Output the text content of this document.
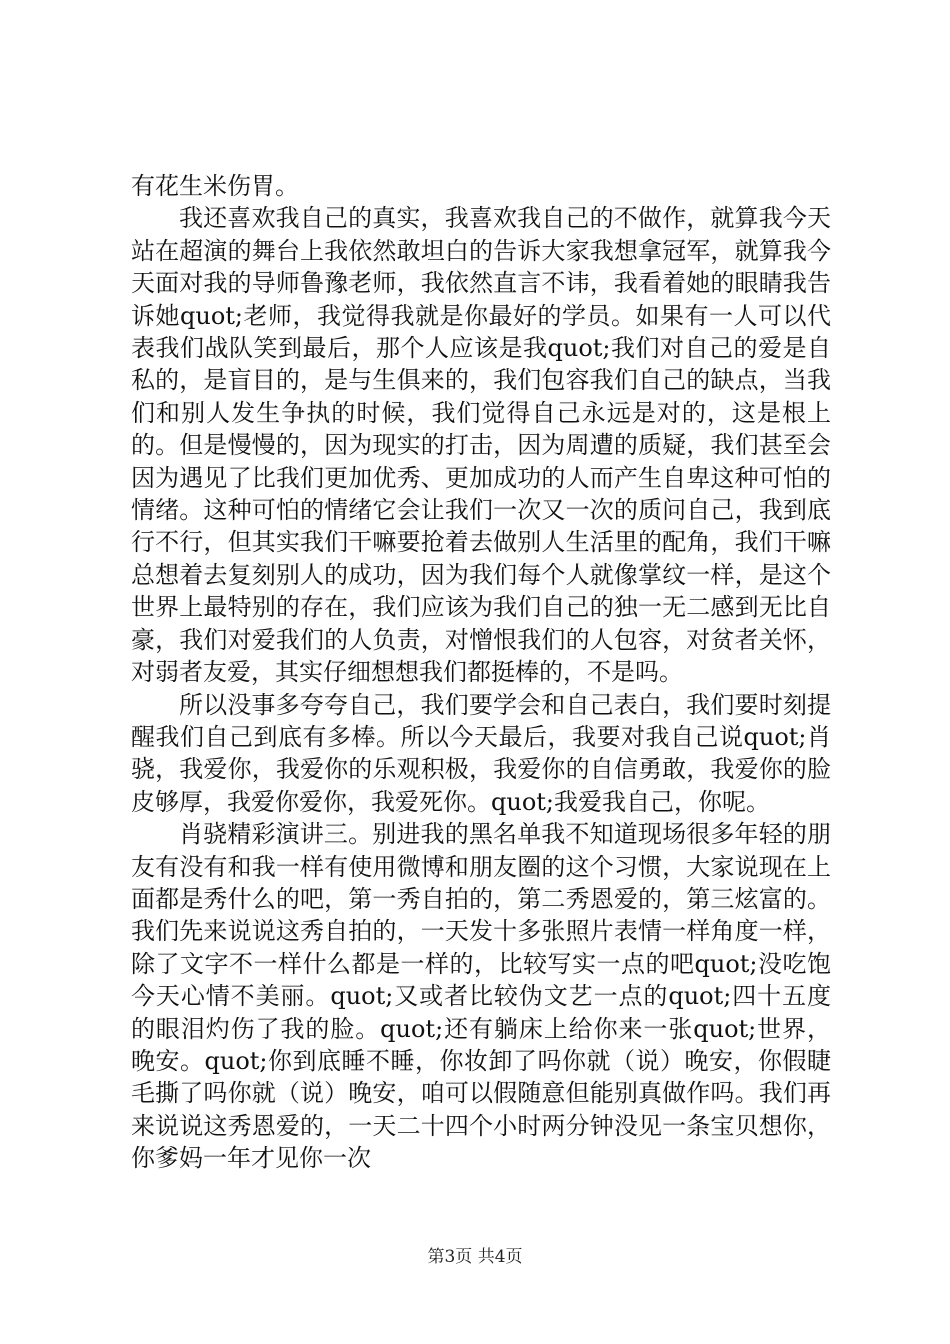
有花生米伤胃。

我还喜欢我自己的真实，我喜欢我自己的不做作，就算我今天站在超演的舞台上我依然敢坦白的告诉大家我想拿冠军，就算我今天面对我的导师鲁豫老师，我依然直言不讳，我看着她的眼睛我告诉她quot;老师，我觉得我就是你最好的学员。如果有一人可以代表我们战队笑到最后，那个人应该是我quot;我们对自己的爱是自私的，是盲目的，是与生俱来的，我们包容我们自己的缺点，当我们和别人发生争执的时候，我们觉得自己永远是对的，这是根上的。但是慢慢的，因为现实的打击，因为周遭的质疑，我们甚至会因为遇见了比我们更加优秀、更加成功的人而产生自卑这种可怕的情绪。这种可怕的情绪它会让我们一次又一次的质问自己，我到底行不行，但其实我们干嘛要抢着去做别人生活里的配角，我们干嘛总想着去复刻别人的成功，因为我们每个人就像掌纹一样，是这个世界上最特别的存在，我们应该为我们自己的独一无二感到无比自豪，我们对爱我们的人负责，对憎恨我们的人包容，对贫者关怀，对弱者友爱，其实仔细想想我们都挺棒的，不是吗。

所以没事多夸夸自己，我们要学会和自己表白，我们要时刻提醒我们自己到底有多棒。所以今天最后，我要对我自己说quot;肖骁，我爱你，我爱你的乐观积极，我爱你的自信勇敢，我爱你的脸皮够厚，我爱你爱你，我爱死你。quot;我爱我自己，你呢。

肖骁精彩演讲三。别进我的黑名单我不知道现场很多年轻的朋友有没有和我一样有使用微博和朋友圈的这个习惯，大家说现在上面都是秀什么的吧，第一秀自拍的，第二秀恩爱的，第三炫富的。我们先来说说这秀自拍的，一天发十多张照片表情一样角度一样，除了文字不一样什么都是一样的，比较写实一点的吧quot;没吃饱今天心情不美丽。quot;又或者比较伪文艺一点的quot;四十五度的眼泪灼伤了我的脸。quot;还有躺床上给你来一张quot;世界，晚安。quot;你到底睡不睡，你妆卸了吗你就（说）晚安，你假睫毛撕了吗你就（说）晚安，咱可以假随意但能别真做作吗。我们再来说说这秀恩爱的，一天二十四个小时两分钟没见一条宝贝想你，你爹妈一年才见你一次

第3页 共4页
